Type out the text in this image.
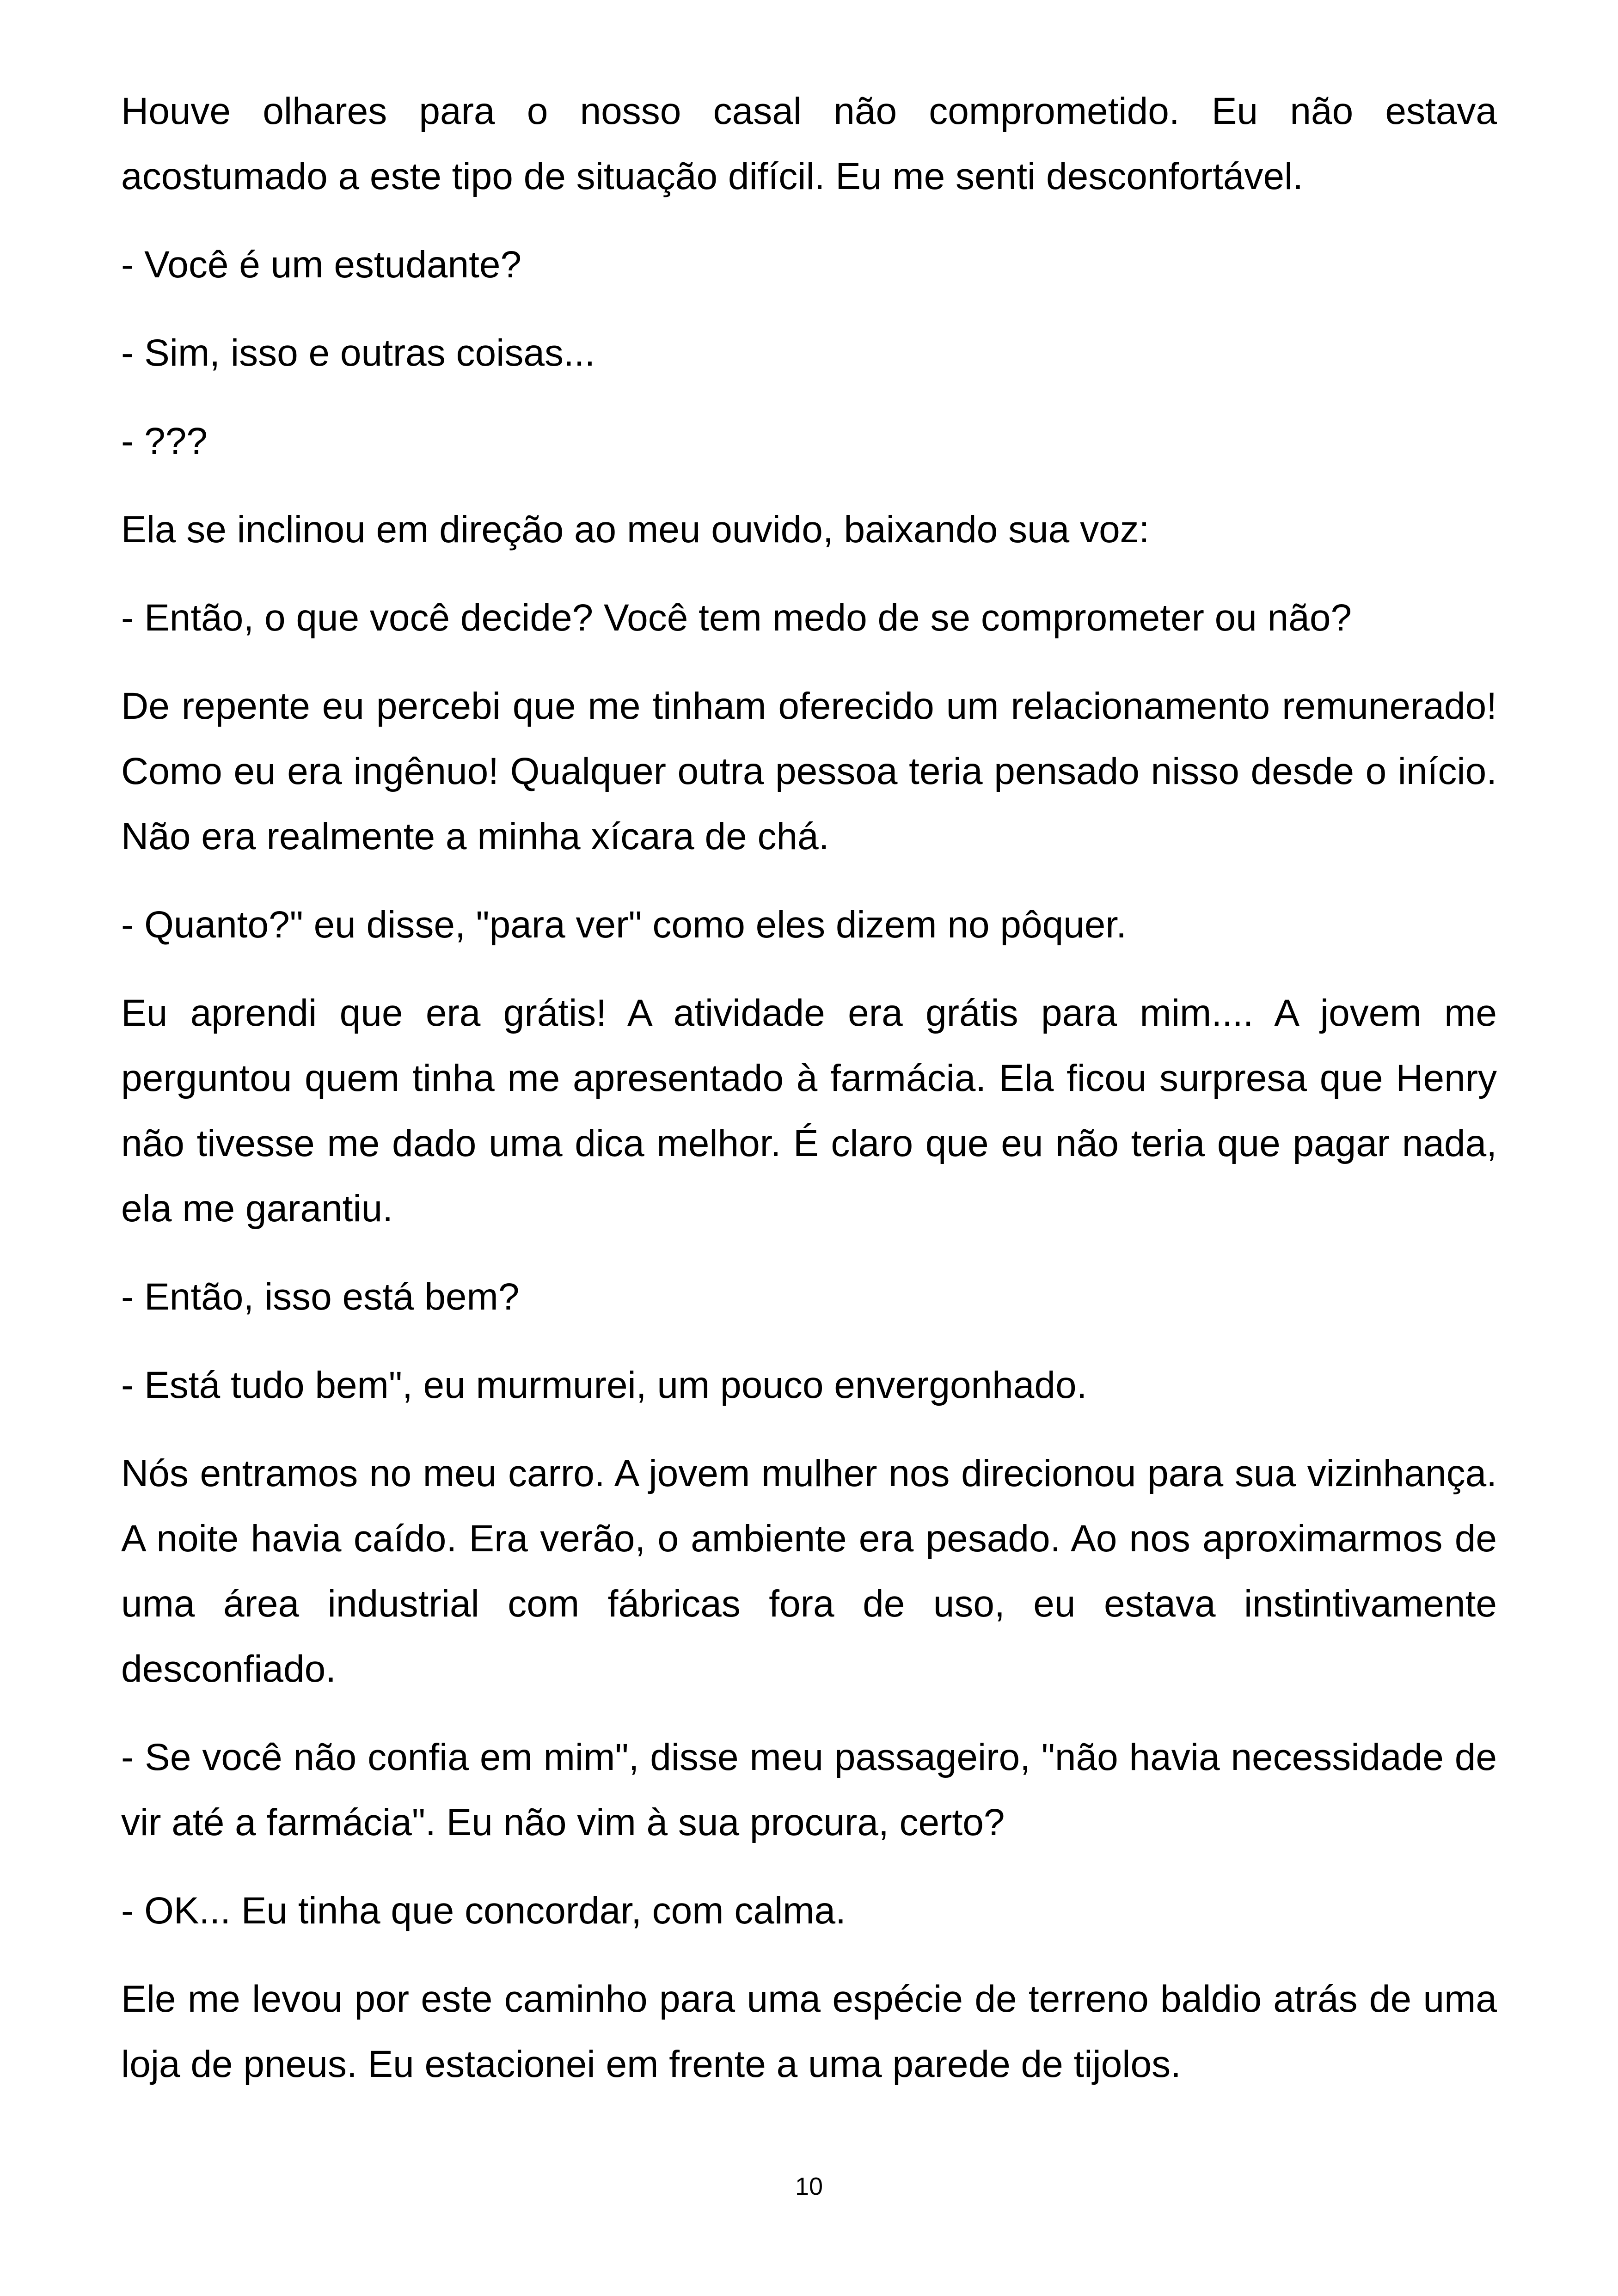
Houve olhares para o nosso casal não comprometido. Eu não estava acostumado a este tipo de situação difícil. Eu me senti desconfortável.

- Você é um estudante?

- Sim, isso e outras coisas...

- ???

Ela se inclinou em direção ao meu ouvido, baixando sua voz:

- Então, o que você decide? Você tem medo de se comprometer ou não?

De repente eu percebi que me tinham oferecido um relacionamento remunerado! Como eu era ingênuo! Qualquer outra pessoa teria pensado nisso desde o início. Não era realmente a minha xícara de chá.

- Quanto?" eu disse, "para ver" como eles dizem no pôquer.

Eu aprendi que era grátis! A atividade era grátis para mim.... A jovem me perguntou quem tinha me apresentado à farmácia. Ela ficou surpresa que Henry não tivesse me dado uma dica melhor. É claro que eu não teria que pagar nada, ela me garantiu.

- Então, isso está bem?

- Está tudo bem", eu murmurei, um pouco envergonhado.

Nós entramos no meu carro. A jovem mulher nos direcionou para sua vizinhança. A noite havia caído. Era verão, o ambiente era pesado. Ao nos aproximarmos de uma área industrial com fábricas fora de uso, eu estava instintivamente desconfiado.

- Se você não confia em mim", disse meu passageiro, "não havia necessidade de vir até a farmácia". Eu não vim à sua procura, certo?

- OK... Eu tinha que concordar, com calma.

Ele me levou por este caminho para uma espécie de terreno baldio atrás de uma loja de pneus. Eu estacionei em frente a uma parede de tijolos.

10
